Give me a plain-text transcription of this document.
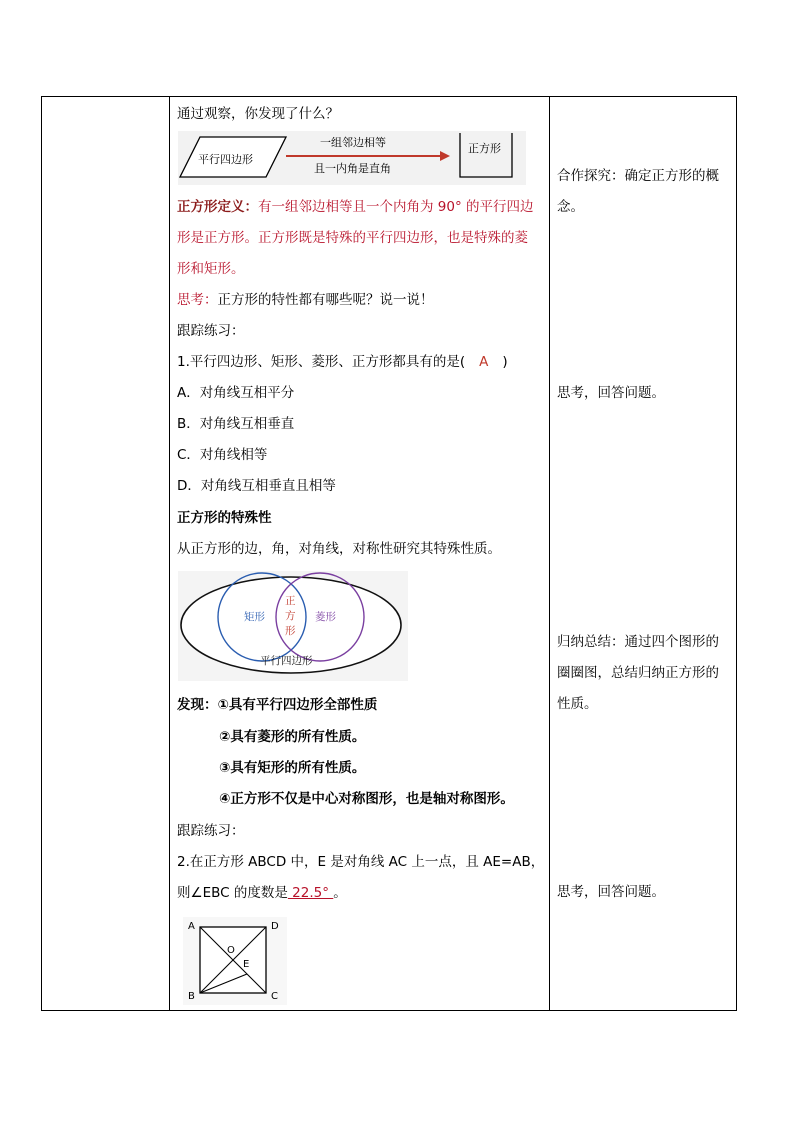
通过观察，你发现了什么？
平行四边形
一组邻边相等
且一内角是直角
正方形
正方形定义：有一组邻边相等且一个内角为 90° 的平行四边
形是正方形。正方形既是特殊的平行四边形，也是特殊的菱
形和矩形。
思考：正方形的特性都有哪些呢？说一说！
跟踪练习：
1.平行四边形、矩形、菱形、正方形都具有的是( A )
A．对角线互相平分
B．对角线互相垂直
C．对角线相等
D．对角线互相垂直且相等
正方形的特殊性
从正方形的边，角，对角线，对称性研究其特殊性质。
矩形
正
方
形
菱形
平行四边形
发现：①具有平行四边形全部性质
②具有菱形的所有性质。
③具有矩形的所有性质。
④正方形不仅是中心对称图形，也是轴对称图形。
跟踪练习：
2.在正方形 ABCD 中，E 是对角线 AC 上一点，且 AE=AB，
则∠EBC 的度数是 22.5° 。
A	D
O
E
B	C
合作探究：确定正方形的概念。
思考，回答问题。
归纳总结：通过四个图形的圈圈图，总结归纳正方形的性质。
思考，回答问题。
